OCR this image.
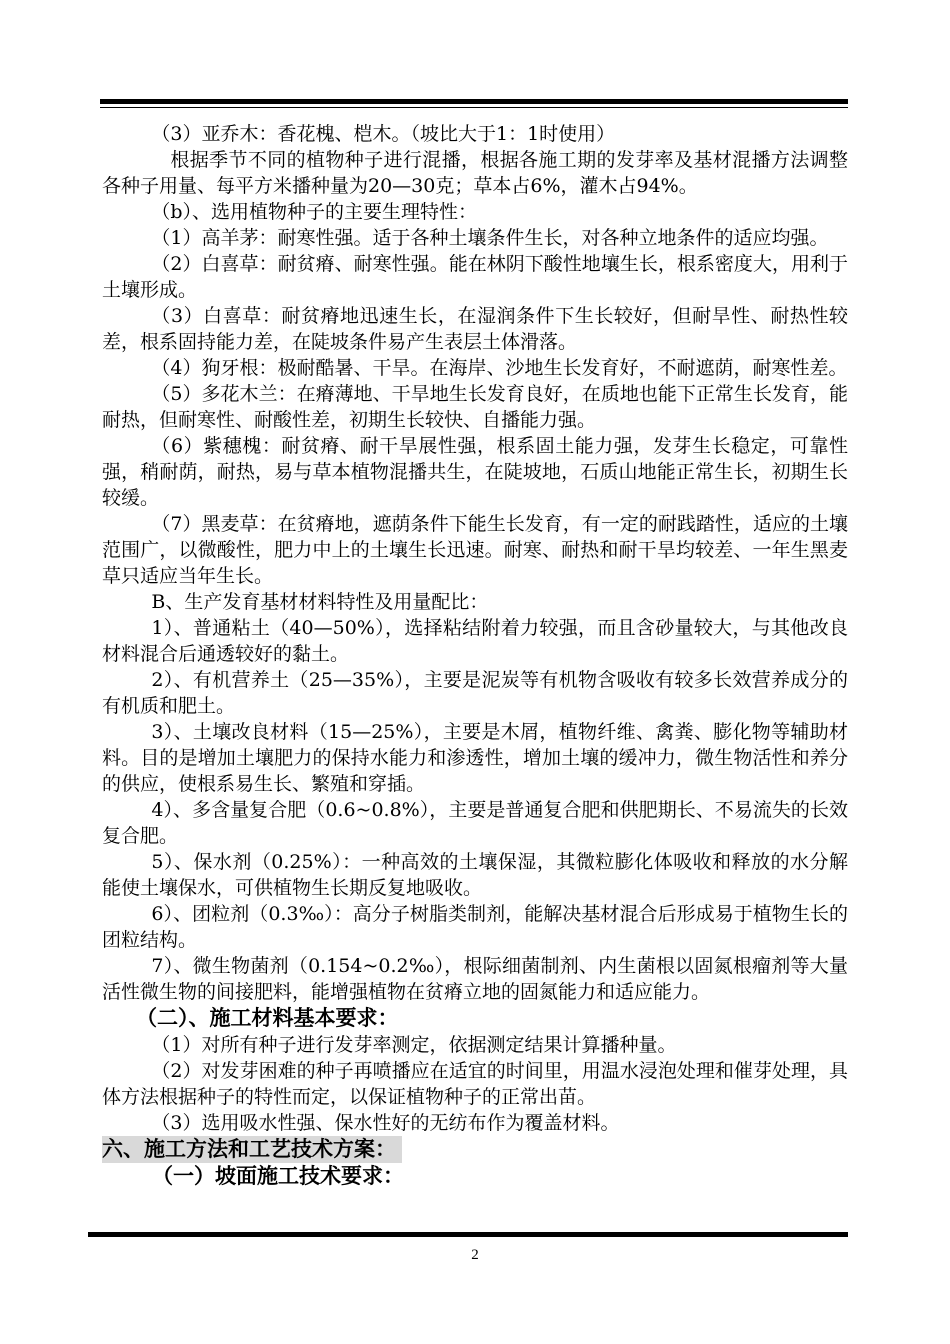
（3）亚乔木：香花槐、桤木。（坡比大于1：1时使用）

根据季节不同的植物种子进行混播，根据各施工期的发芽率及基材混播方法调整各种子用量、每平方米播种量为20—30克；草本占6%，灌木占94%。

（b）、选用植物种子的主要生理特性：

（1）高羊茅：耐寒性强。适于各种土壤条件生长，对各种立地条件的适应均强。

（2）白喜草：耐贫瘠、耐寒性强。能在林阴下酸性地壤生长，根系密度大，用利于土壤形成。

（3）白喜草：耐贫瘠地迅速生长，在湿润条件下生长较好，但耐旱性、耐热性较差，根系固持能力差，在陡坡条件易产生表层土体滑落。

（4）狗牙根：极耐酷暑、干旱。在海岸、沙地生长发育好，不耐遮荫，耐寒性差。

（5）多花木兰：在瘠薄地、干旱地生长发育良好，在质地也能下正常生长发育，能耐热，但耐寒性、耐酸性差，初期生长较快、自播能力强。

（6）紫穗槐：耐贫瘠、耐干旱展性强，根系固土能力强，发芽生长稳定，可靠性强，稍耐荫，耐热，易与草本植物混播共生，在陡坡地，石质山地能正常生长，初期生长较缓。

（7）黑麦草：在贫瘠地，遮荫条件下能生长发育，有一定的耐践踏性，适应的土壤范围广，以微酸性，肥力中上的土壤生长迅速。耐寒、耐热和耐干旱均较差、一年生黑麦草只适应当年生长。

B、生产发育基材材料特性及用量配比：

1）、普通粘土（40—50%），选择粘结附着力较强，而且含砂量较大，与其他改良材料混合后通透较好的黏土。

2）、有机营养土（25—35%），主要是泥炭等有机物含吸收有较多长效营养成分的有机质和肥土。

3）、土壤改良材料（15—25%），主要是木屑，植物纤维、禽粪、膨化物等辅助材料。目的是增加土壤肥力的保持水能力和渗透性，增加土壤的缓冲力，微生物活性和养分的供应，使根系易生长、繁殖和穿插。

4）、多含量复合肥（0.6~0.8%），主要是普通复合肥和供肥期长、不易流失的长效复合肥。

5）、保水剂（0.25%）：一种高效的土壤保湿，其微粒膨化体吸收和释放的水分解能使土壤保水，可供植物生长期反复地吸收。

6）、团粒剂（0.3‰）：高分子树脂类制剂，能解决基材混合后形成易于植物生长的团粒结构。

7）、微生物菌剂（0.154~0.2‰），根际细菌制剂、内生菌根以固氮根瘤剂等大量活性微生物的间接肥料，能增强植物在贫瘠立地的固氮能力和适应能力。

（二）、施工材料基本要求：

（1）对所有种子进行发芽率测定，依据测定结果计算播种量。

（2）对发芽困难的种子再喷播应在适宜的时间里，用温水浸泡处理和催芽处理，具体方法根据种子的特性而定，以保证植物种子的正常出苗。

（3）选用吸水性强、保水性好的无纺布作为覆盖材料。

六、施工方法和工艺技术方案：

（一）坡面施工技术要求：

2
